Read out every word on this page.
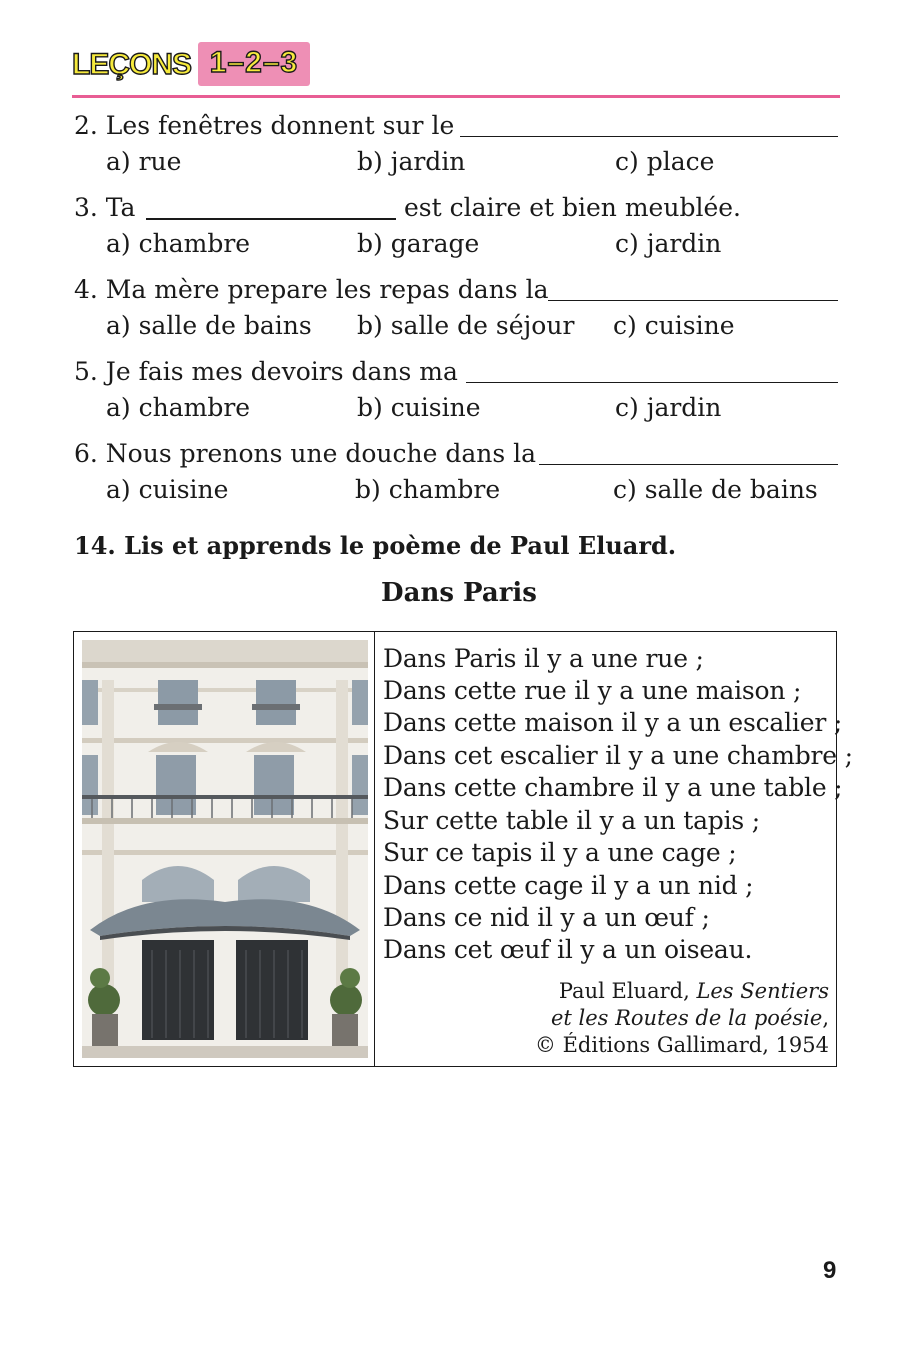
LEÇONS 1–2–3
2. Les fenêtres donnent sur le
a) rue	b) jardin	c) place
3. Ta	est claire et bien meublée.
a) chambre	b) garage	c) jardin
4. Ma mère prepare les repas dans la
a) salle de bains b) salle de séjour c) cuisine
5. Je fais mes devoirs dans ma
a) chambre	b) cuisine	c) jardin
6. Nous prenons une douche dans la
a) cuisine	b) chambre	c) salle de bains
14. Lis et apprends le poème de Paul Eluard.
Dans Paris
Dans Paris il y a une rue ;
Dans cette rue il y a une maison ;
Dans cette maison il y a un escalier ;
Dans cet escalier il y a une chambre ;
Dans cette chambre il y a une table ;
Sur cette table il y a un tapis ;
Sur ce tapis il y a une cage ;
Dans cette cage il y a un nid ;
Dans ce nid il y a un œuf ;
Dans cet œuf il y a un oiseau.
Paul Eluard, Les Sentiers
et les Routes de la poésie,
© Éditions Gallimard, 1954
9
